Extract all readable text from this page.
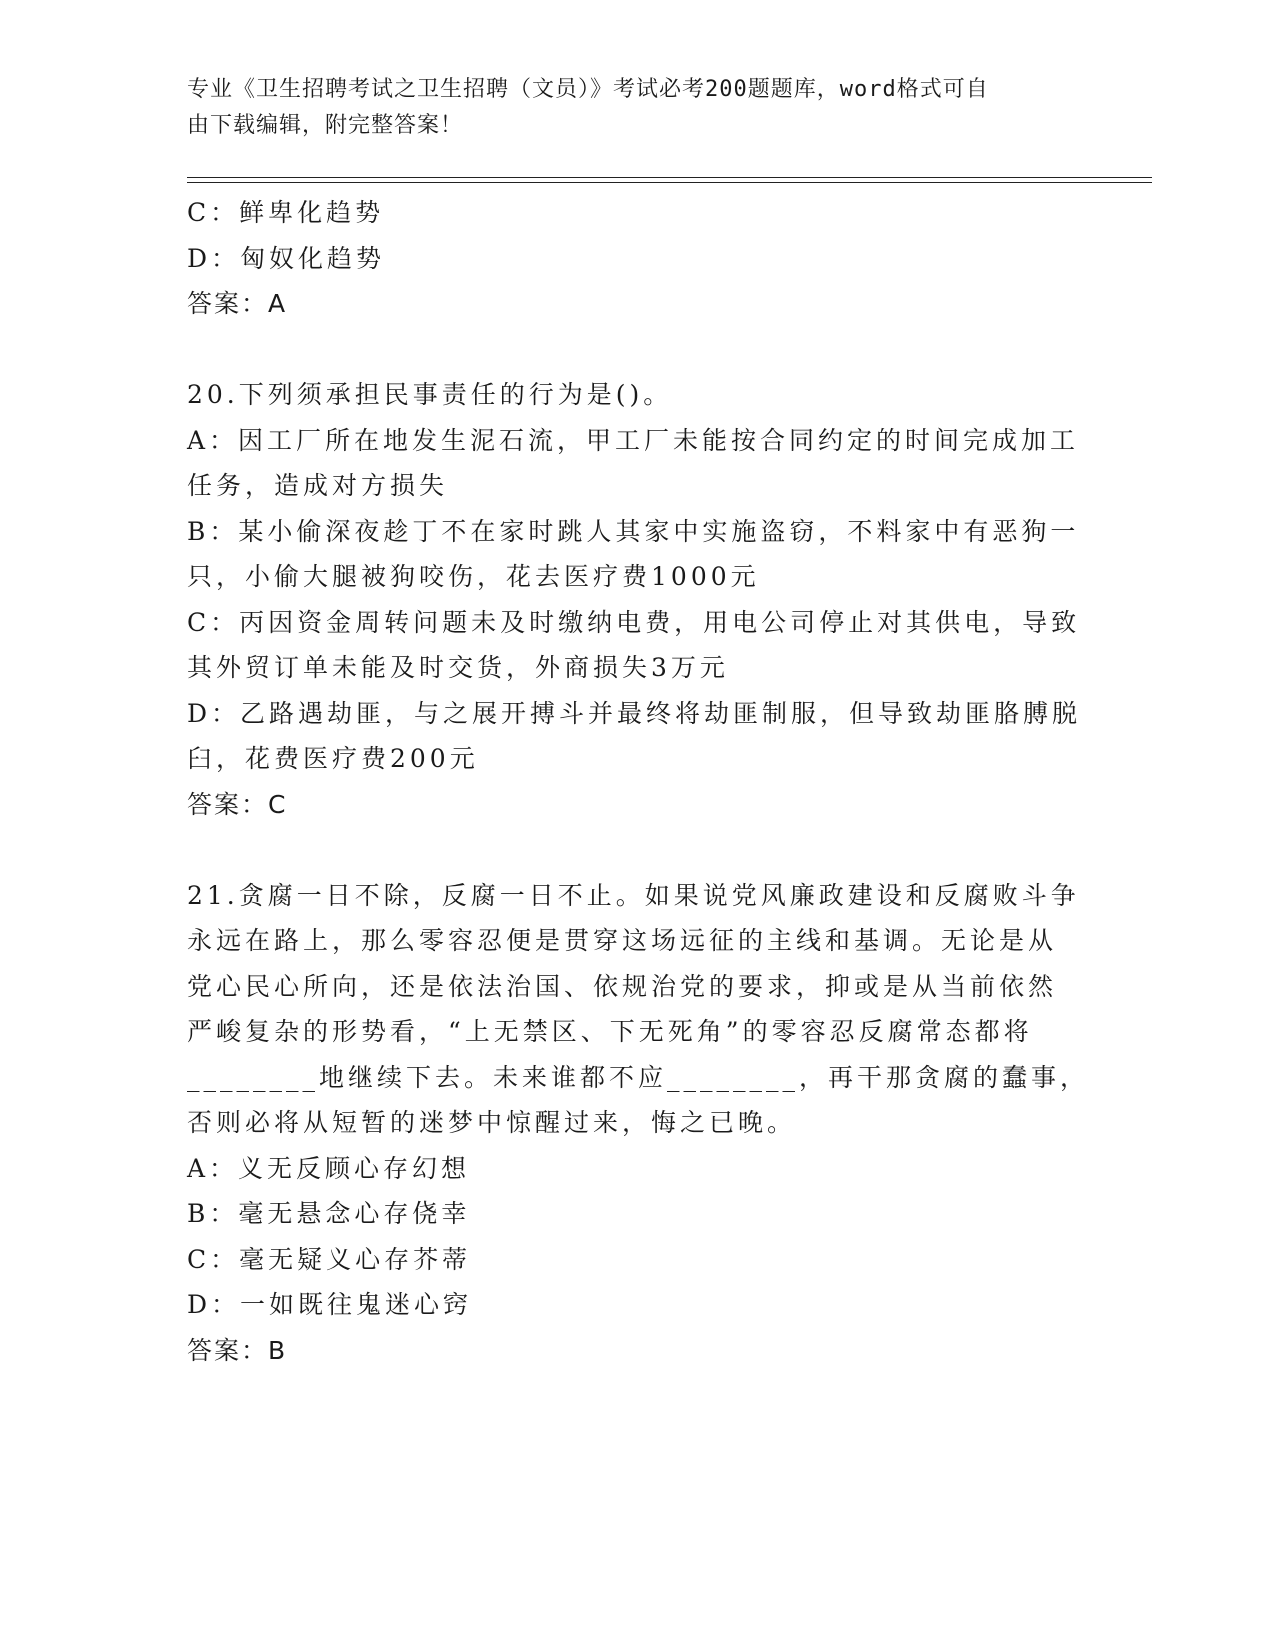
专业《卫生招聘考试之卫生招聘（文员）》考试必考200题题库，word格式可自
由下载编辑，附完整答案！
C：鲜卑化趋势
D：匈奴化趋势
答案：A
20.下列须承担民事责任的行为是()。
A：因工厂所在地发生泥石流，甲工厂未能按合同约定的时间完成加工
任务，造成对方损失
B：某小偷深夜趁丁不在家时跳人其家中实施盗窃，不料家中有恶狗一
只，小偷大腿被狗咬伤，花去医疗费1000元
C：丙因资金周转问题未及时缴纳电费，用电公司停止对其供电，导致
其外贸订单未能及时交货，外商损失3万元
D：乙路遇劫匪，与之展开搏斗并最终将劫匪制服，但导致劫匪胳膊脱
臼，花费医疗费200元
答案：C
21.贪腐一日不除，反腐一日不止。如果说党风廉政建设和反腐败斗争
永远在路上，那么零容忍便是贯穿这场远征的主线和基调。无论是从
党心民心所向，还是依法治国、依规治党的要求，抑或是从当前依然
严峻复杂的形势看，“上无禁区、下无死角”的零容忍反腐常态都将
________地继续下去。未来谁都不应________，再干那贪腐的蠢事，
否则必将从短暂的迷梦中惊醒过来，悔之已晚。
A：义无反顾心存幻想
B：毫无悬念心存侥幸
C：毫无疑义心存芥蒂
D：一如既往鬼迷心窍
答案：B
